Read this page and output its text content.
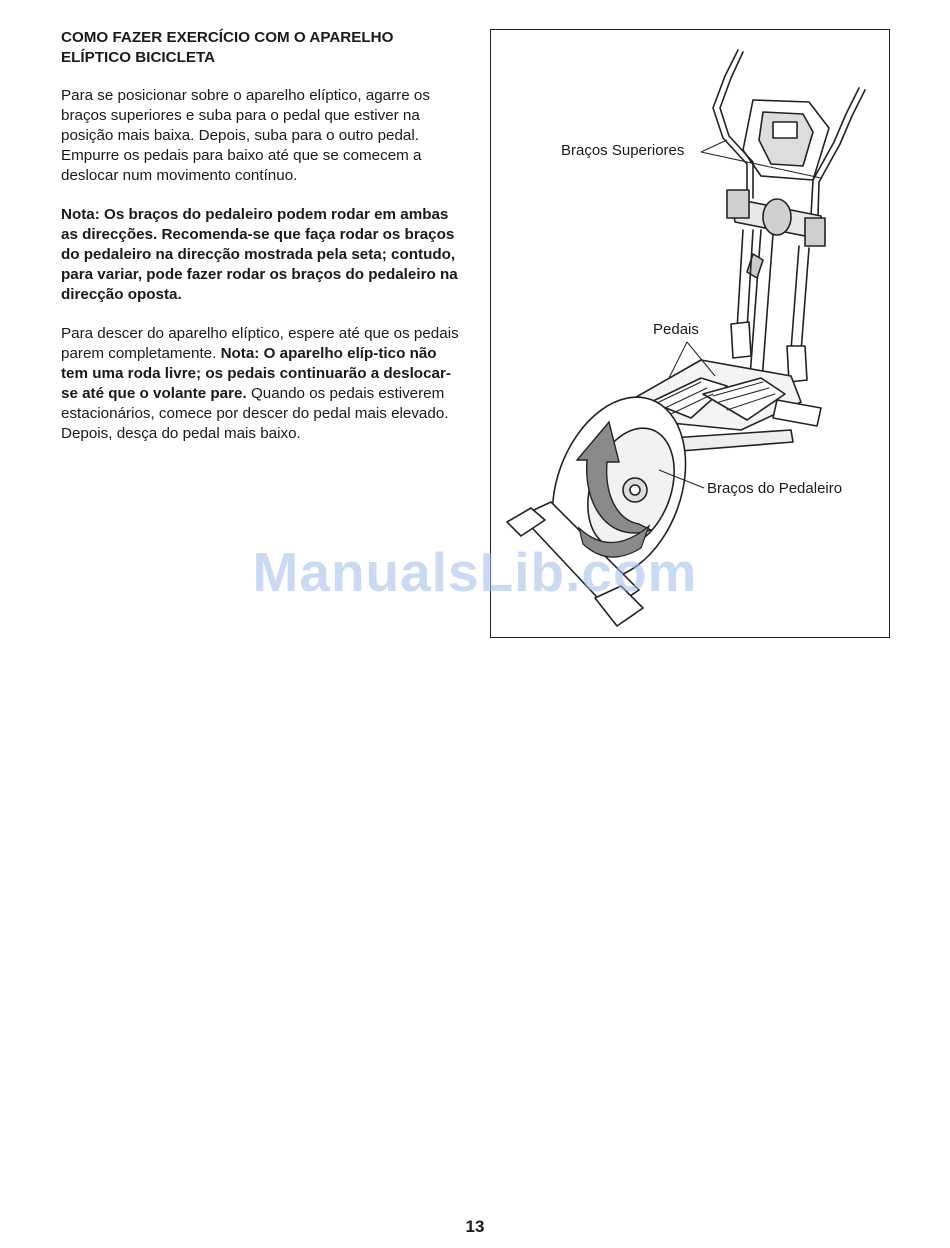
COMO FAZER EXERCÍCIO COM O APARELHO
ELÍPTICO BICICLETA

Para se posicionar sobre o aparelho elíptico, agarre os braços superiores e suba para o pedal que estiver na posição mais baixa. Depois, suba para o outro pedal. Empurre os pedais para baixo até que se comecem a deslocar num movimento contínuo.

Nota: Os braços do pedaleiro podem rodar em ambas as direcções. Recomenda-se que faça rodar os braços do pedaleiro na direcção mostrada pela seta; contudo, para variar, pode fazer rodar os braços do pedaleiro na direcção oposta.

Para descer do aparelho elíptico, espere até que os pedais parem completamente. Nota: O aparelho elíp-tico não tem uma roda livre; os pedais continuarão a deslocar-se até que o volante pare. Quando os pedais estiverem estacionários, comece por descer do pedal mais elevado. Depois, desça do pedal mais baixo.

Braços Superiores
Pedais
Braços do Pedaleiro
ManualsLib.com
13
